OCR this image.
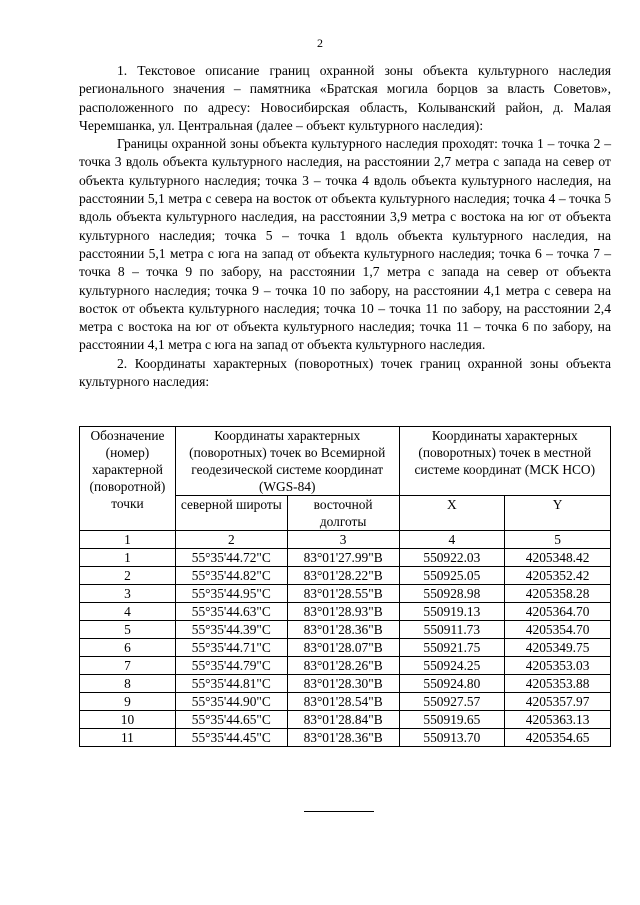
2

1. Текстовое описание границ охранной зоны объекта культурного наследия регионального значения – памятника «Братская могила борцов за власть Советов», расположенного по адресу: Новосибирская область, Колыванский район, д. Малая Черемшанка, ул. Центральная (далее – объект культурного наследия):

Границы охранной зоны объекта культурного наследия проходят: точка 1 – точка 2 – точка 3 вдоль объекта культурного наследия, на расстоянии 2,7 метра с запада на север от объекта культурного наследия; точка 3 – точка 4 вдоль объекта культурного наследия, на расстоянии 5,1 метра с севера на восток от объекта культурного наследия; точка 4 – точка 5 вдоль объекта культурного наследия, на расстоянии 3,9 метра с востока на юг от объекта культурного наследия; точка 5 – точка 1 вдоль объекта культурного наследия, на расстоянии 5,1 метра с юга на запад от объекта культурного наследия; точка 6 – точка 7 – точка 8 – точка 9 по забору, на расстоянии 1,7 метра с запада на север от объекта культурного наследия; точка 9 – точка 10 по забору, на расстоянии 4,1 метра с севера на восток от объекта культурного наследия; точка 10 – точка 11 по забору, на расстоянии 2,4 метра с востока на юг от объекта культурного наследия; точка 11 – точка 6 по забору, на расстоянии 4,1 метра с юга на запад от объекта культурного наследия.

2. Координаты характерных (поворотных) точек границ охранной зоны объекта культурного наследия:

Обозначение (номер) характерной (поворотной) точки	Координаты характерных (поворотных) точек во Всемирной геодезической системе координат (WGS-84)		Координаты характерных (поворотных) точек в местной системе координат (МСК НСО)	
	северной широты	восточной долготы	X	Y
1	2	3	4	5
1	55°35'44.72"С	83°01'27.99"В	550922.03	4205348.42
2	55°35'44.82"С	83°01'28.22"В	550925.05	4205352.42
3	55°35'44.95"С	83°01'28.55"В	550928.98	4205358.28
4	55°35'44.63"С	83°01'28.93"В	550919.13	4205364.70
5	55°35'44.39"С	83°01'28.36"В	550911.73	4205354.70
6	55°35'44.71"С	83°01'28.07"В	550921.75	4205349.75
7	55°35'44.79"С	83°01'28.26"В	550924.25	4205353.03
8	55°35'44.81"С	83°01'28.30"В	550924.80	4205353.88
9	55°35'44.90"С	83°01'28.54"В	550927.57	4205357.97
10	55°35'44.65"С	83°01'28.84"В	550919.65	4205363.13
11	55°35'44.45"С	83°01'28.36"В	550913.70	4205354.65
